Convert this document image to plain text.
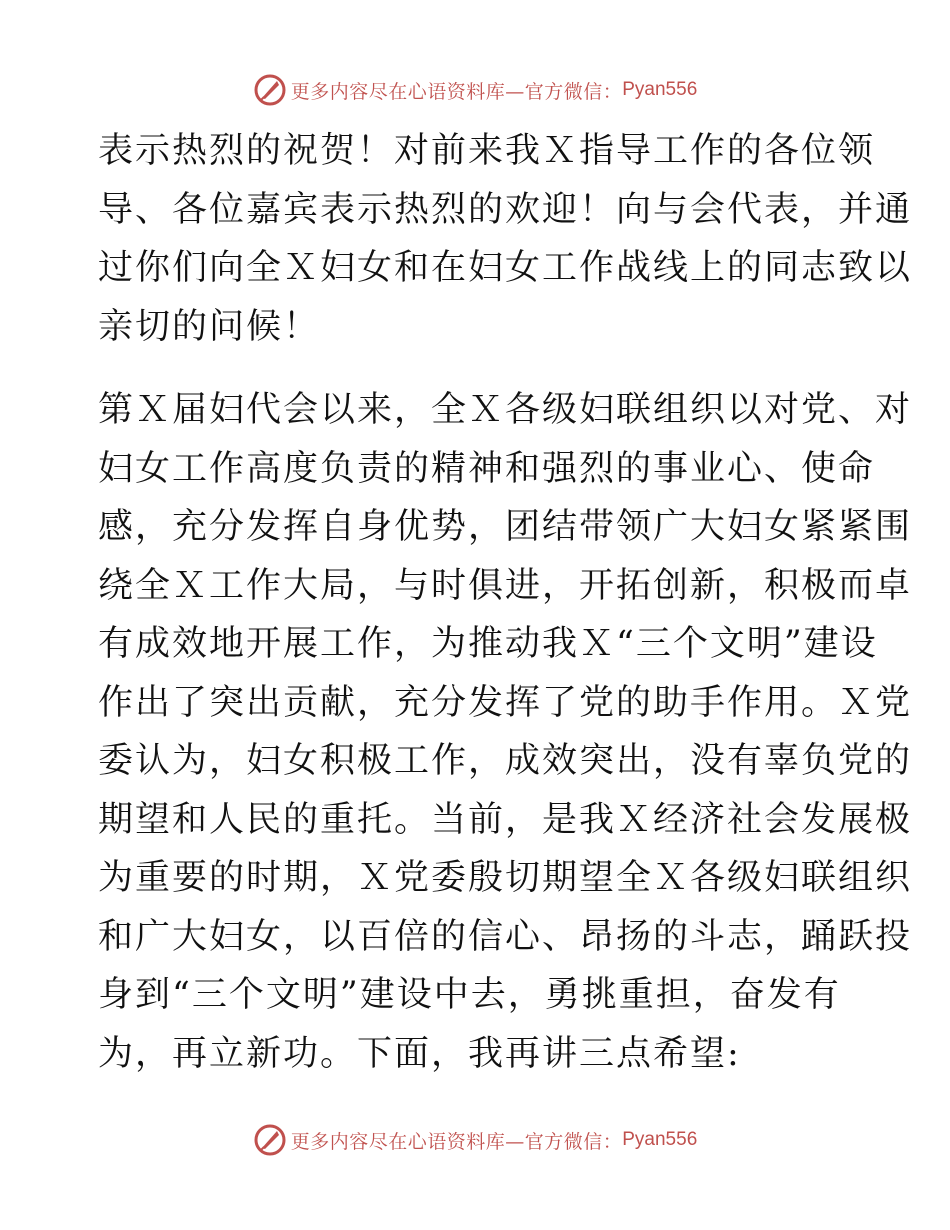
更多内容尽在心语资料库—官方微信： Pyan556

表示热烈的祝贺！对前来我Ｘ指导工作的各位领

导、各位嘉宾表示热烈的欢迎！向与会代表，并通

过你们向全Ｘ妇女和在妇女工作战线上的同志致以

亲切的问候！

第Ｘ届妇代会以来，全Ｘ各级妇联组织以对党、对

妇女工作高度负责的精神和强烈的事业心、使命

感，充分发挥自身优势，团结带领广大妇女紧紧围

绕全Ｘ工作大局，与时俱进，开拓创新，积极而卓

有成效地开展工作，为推动我Ｘ“三个文明”建设

作出了突出贡献，充分发挥了党的助手作用。Ｘ党

委认为，妇女积极工作，成效突出，没有辜负党的

期望和人民的重托。当前，是我Ｘ经济社会发展极

为重要的时期，Ｘ党委殷切期望全Ｘ各级妇联组织

和广大妇女，以百倍的信心、昂扬的斗志，踊跃投

身到“三个文明”建设中去，勇挑重担，奋发有

为，再立新功。下面，我再讲三点希望:

更多内容尽在心语资料库—官方微信： Pyan556
